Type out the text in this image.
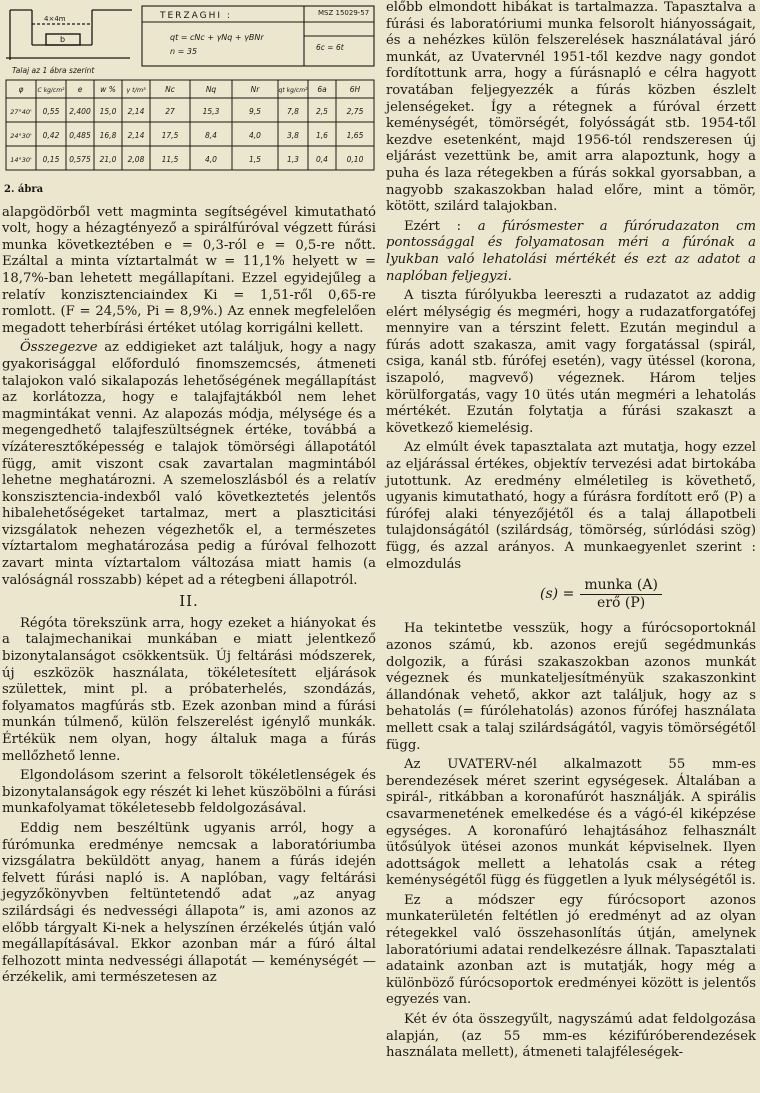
4×4m
b
Talaj az 1 ábra szerint
TERZAGHI :	MSZ 15029-57
qt = cNc + γNq + γBNr
n = 35	6c = 6t
φ C kg/cm² e w % γ t/m³	Nc	Nq	Nr	qt kg/cm² 6a	6H
27°40' 0,55 2,400 15,0 2,14	27	15,3	9,5	7,8 2,5 2,75
24°30' 0,42 0,485 16,8 2,14 17,5	8,4	4,0	3,8 1,6 1,65
14°30' 0,15 0,575 21,0 2,08 11,5	4,0	1,5	1,3 0,4 0,10
2. ábra

alapgödörből vett magminta segítségével kimutatható volt, hogy a hézagtényező a spirálfúróval végzett fúrási munka következtében e = 0,3-ról e = 0,5-re nőtt. Ezáltal a minta víztartalmát w = 11,1% helyett w = 18,7%-ban lehetett megállapítani. Ezzel egyidejűleg a relatív konzisztenciaindex Ki = 1,51-ről 0,65-re romlott. (F = 24,5%, Pi = 8,9%.) Az ennek megfelelően megadott teherbírási értéket utólag korrigálni kellett.

Összegezve az eddigieket azt találjuk, hogy a nagy gyakorisággal előforduló finomszemcsés, átmeneti talajokon való sikalapozás lehetőségének megállapítást az korlátozza, hogy e talajfajtákból nem lehet magmintákat venni. Az alapozás módja, mélysége és a megengedhető talajfeszültségnek értéke, továbbá a vízáteresztőképesség e talajok tömörségi állapotától függ, amit viszont csak zavartalan magmintából lehetne meghatározni. A szemeloszlásból és a relatív konszisztencia-indexből való következtetés jelentős hibalehetőségeket tartalmaz, mert a plaszticitási vizsgálatok nehezen végezhetők el, a természetes víztartalom meghatározása pedig a fúróval felhozott zavart minta víztartalom változása miatt hamis (a valóságnál rosszabb) képet ad a rétegbeni állapotról.

II.

Régóta törekszünk arra, hogy ezeket a hiányokat és a talajmechanikai munkában e miatt jelentkező bizonytalanságot csökkentsük. Új feltárási módszerek, új eszközök használata, tökéletesített eljárások születtek, mint pl. a próbaterhelés, szondázás, folyamatos magfúrás stb. Ezek azonban mind a fúrási munkán túlmenő, külön felszerelést igénylő munkák. Értékük nem olyan, hogy általuk maga a fúrás mellőzhető lenne.

Elgondolásom szerint a felsorolt tökéletlenségek és bizonytalanságok egy részét ki lehet küszöbölni a fúrási munkafolyamat tökéletesebb feldolgozásával.

Eddig nem beszéltünk ugyanis arról, hogy a fúrómunka eredménye nemcsak a laboratóriumba vizsgálatra beküldött anyag, hanem a fúrás idején felvett fúrási napló is. A naplóban, vagy feltárási jegyzőkönyvben feltüntetendő adat „az anyag szilárdsági és nedvességi állapota” is, ami azonos az előbb tárgyalt Ki-nek a helyszínen érzékelés útján való megállapításával. Ekkor azonban már a fúró által felhozott minta nedvességi állapotát — keménységét — érzékelik, ami természetesen az

előbb elmondott hibákat is tartalmazza. Tapasztalva a fúrási és laboratóriumi munka felsorolt hiányosságait, és a nehézkes külön felszerelések használatával járó munkát, az Uvatervnél 1951-től kezdve nagy gondot fordítottunk arra, hogy a fúrásnapló e célra hagyott rovatában feljegyezzék a fúrás közben észlelt jelenségeket. Így a rétegnek a fúróval érzett keménységét, tömörségét, folyósságát stb. 1954-től kezdve esetenként, majd 1956-tól rendszeresen új eljárást vezettünk be, amit arra alapoztunk, hogy a puha és laza rétegekben a fúrás sokkal gyorsabban, a nagyobb szakaszokban halad előre, mint a tömör, kötött, szilárd talajokban.

Ezért : a fúrósmester a fúrórudazaton cm pontossággal és folyamatosan méri a fúrónak a lyukban való lehatolási mértékét és ezt az adatot a naplóban feljegyzi.

A tiszta fúrólyukba leereszti a rudazatot az addig elért mélységig és megméri, hogy a rudazatforgatófej mennyire van a térszint felett. Ezután megindul a fúrás adott szakasza, amit vagy forgatással (spirál, csiga, kanál stb. fúrófej esetén), vagy ütéssel (korona, iszapoló, magvevő) végeznek. Három teljes körülforgatás, vagy 10 ütés után megméri a lehatolás mértékét. Ezután folytatja a fúrási szakaszt a következő kiemelésig.

Az elmúlt évek tapasztalata azt mutatja, hogy ezzel az eljárással értékes, objektív tervezési adat birtokába jutottunk. Az eredmény elméletileg is követhető, ugyanis kimutatható, hogy a fúrásra fordított erő (P) a fúrófej alaki tényezőjétől és a talaj állapotbeli tulajdonságától (szilárdság, tömörség, súrlódási szög) függ, és azzal arányos. A munkaegyenlet szerint : elmozdulás

$(s) = \frac{\text{munka (A)}}{\text{erő (P)}}$

Ha tekintetbe vesszük, hogy a fúrócsoportoknál azonos számú, kb. azonos erejű segédmunkás dolgozik, a fúrási szakaszokban azonos munkát végeznek és munkateljesítményük szakaszonkint állandónak vehető, akkor azt találjuk, hogy az s behatolás (= fúrólehatolás) azonos fúrófej használata mellett csak a talaj szilárdságától, vagyis tömörségétől függ.

Az UVATERV-nél alkalmazott 55 mm-es berendezések méret szerint egységesek. Általában a spirál-, ritkábban a koronafúrót használják. A spirális csavarmenetének emelkedése és a vágó-él kiképzése egységes. A koronafúró lehajtásához felhasznált ütősúlyok ütései azonos munkát képviselnek. Ilyen adottságok mellett a lehatolás csak a réteg keménységétől függ és független a lyuk mélységétől is.

Ez a módszer egy fúrócsoport azonos munkaterületén feltétlen jó eredményt ad az olyan rétegekkel való összehasonlítás útján, amelynek laboratóriumi adatai rendelkezésre állnak. Tapasztalati adataink azonban azt is mutatják, hogy még a különböző fúrócsoportok eredményei között is jelentős egyezés van.

Két év óta összegyűlt, nagyszámú adat feldolgozása alapján, (az 55 mm-es kézifúróberendezések használata mellett), átmeneti talajféleségek-
